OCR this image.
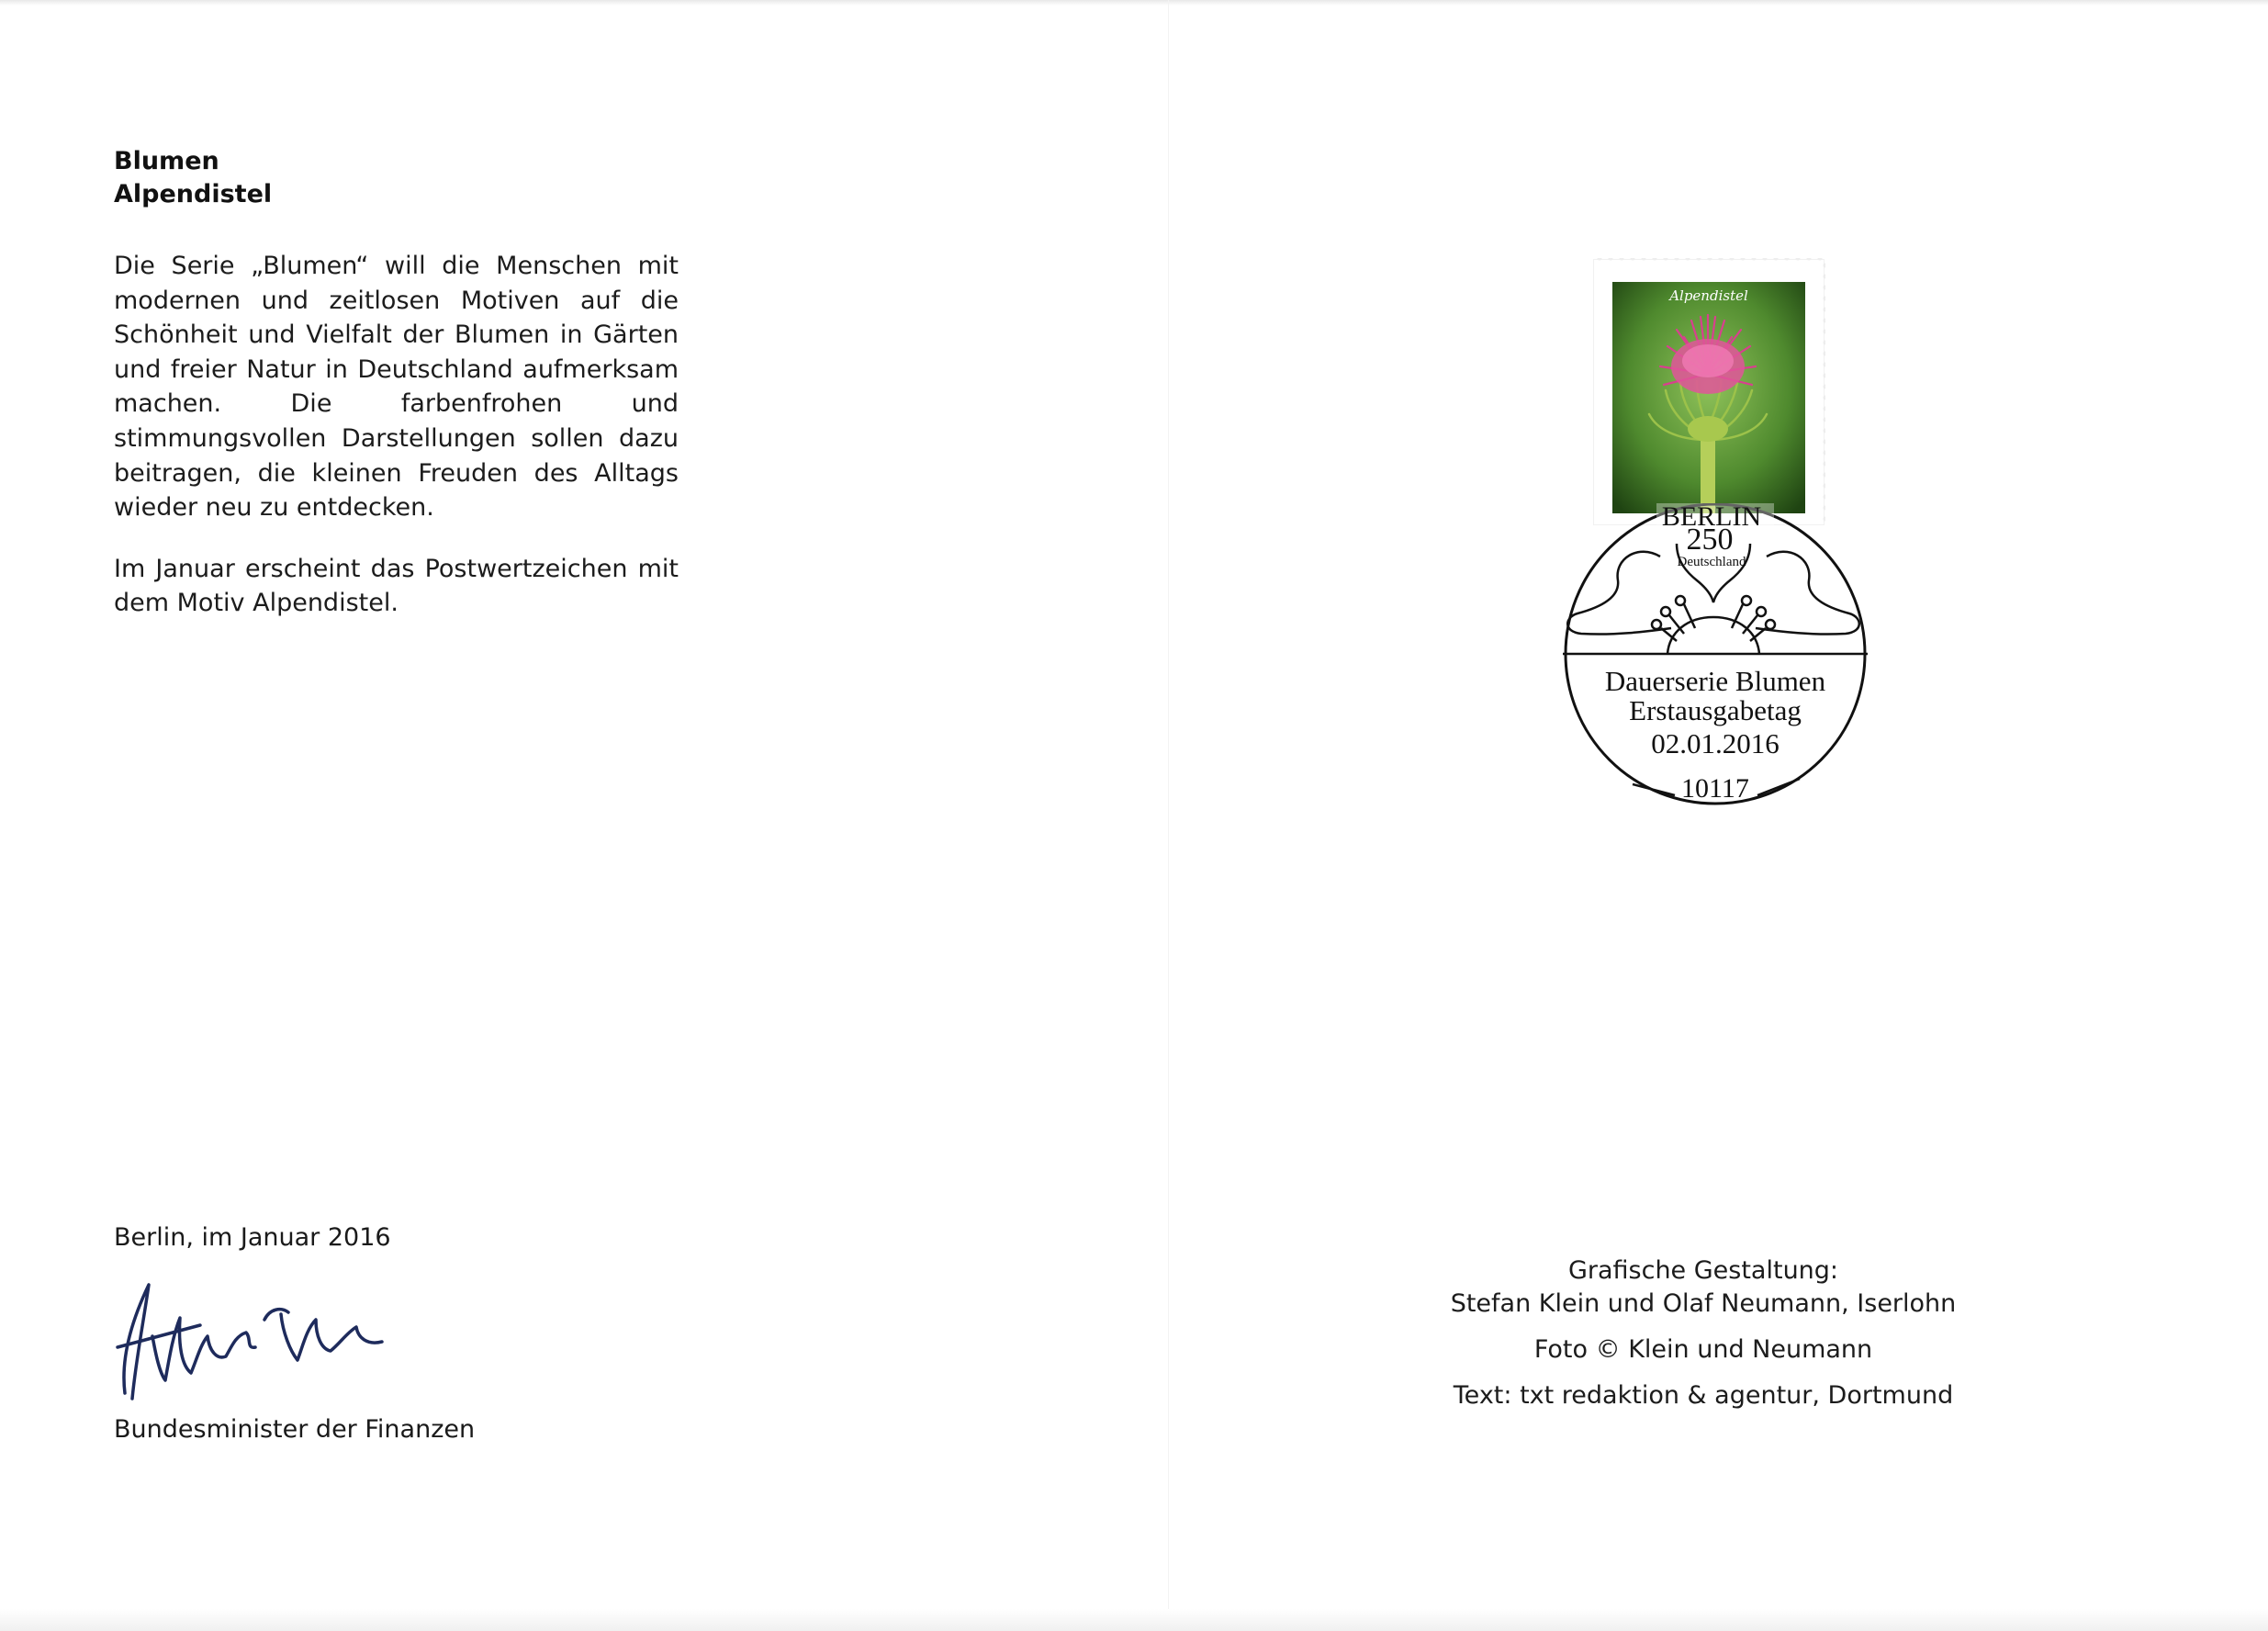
Blumen
Alpendistel

Die Serie „Blumen“ will die Menschen mit modernen und zeitlosen Motiven auf die Schönheit und Vielfalt der Blumen in Gärten und freier Natur in Deutschland aufmerksam machen. Die farbenfrohen und stimmungsvollen Darstellungen sollen dazu beitragen, die kleinen Freuden des Alltags wieder neu zu entdecken.

Im Januar erscheint das Postwertzeichen mit dem Motiv Alpendistel.

Berlin, im Januar 2016
Bundesminister der Finanzen
Alpendistel
BERLIN
250
Deutschland
Dauerserie Blumen
Erstausgabetag
02.01.2016
10117
Grafische Gestaltung:
Stefan Klein und Olaf Neumann, Iserlohn
Foto © Klein und Neumann
Text: txt redaktion & agentur, Dortmund
